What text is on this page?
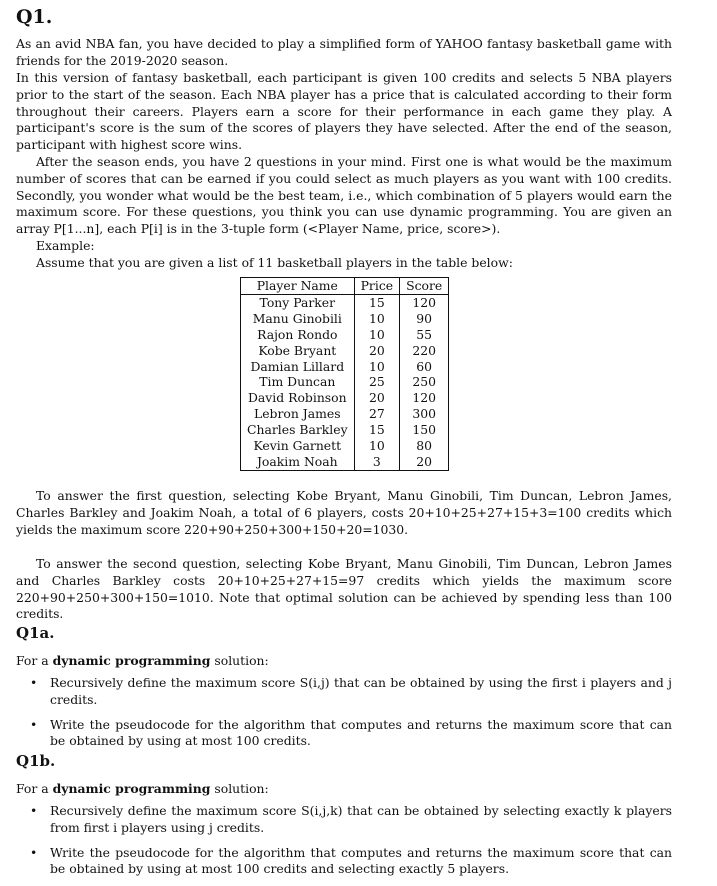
Q1.

As an avid NBA fan, you have decided to play a simplified form of YAHOO fantasy basketball game with friends for the 2019-2020 season.

In this version of fantasy basketball, each participant is given 100 credits and selects 5 NBA players prior to the start of the season. Each NBA player has a price that is calculated according to their form throughout their careers. Players earn a score for their performance in each game they play. A participant's score is the sum of the scores of players they have selected. After the end of the season, participant with highest score wins.

After the season ends, you have 2 questions in your mind. First one is what would be the maximum number of scores that can be earned if you could select as much players as you want with 100 credits. Secondly, you wonder what would be the best team, i.e., which combination of 5 players would earn the maximum score. For these questions, you think you can use dynamic programming. You are given an array P[1...n], each P[i] is in the 3-tuple form (<Player Name, price, score>).

Example:

Assume that you are given a list of 11 basketball players in the table below:

Player Name	Price	Score
Tony Parker	15	120
Manu Ginobili	10	90
Rajon Rondo	10	55
Kobe Bryant	20	220
Damian Lillard	10	60
Tim Duncan	25	250
David Robinson	20	120
Lebron James	27	300
Charles Barkley	15	150
Kevin Garnett	10	80
Joakim Noah	3	20

To answer the first question, selecting Kobe Bryant, Manu Ginobili, Tim Duncan, Lebron James, Charles Barkley and Joakim Noah, a total of 6 players, costs 20+10+25+27+15+3=100 credits which yields the maximum score 220+90+250+300+150+20=1030.

To answer the second question, selecting Kobe Bryant, Manu Ginobili, Tim Duncan, Lebron James and Charles Barkley costs 20+10+25+27+15=97 credits which yields the maximum score 220+90+250+300+150=1010. Note that optimal solution can be achieved by spending less than 100 credits.

Q1a.

For a dynamic programming solution:

• Recursively define the maximum score S(i,j) that can be obtained by using the first i players and j credits.
• Write the pseudocode for the algorithm that computes and returns the maximum score that can be obtained by using at most 100 credits.
Q1b.

For a dynamic programming solution:

• Recursively define the maximum score S(i,j,k) that can be obtained by selecting exactly k players from first i players using j credits.
• Write the pseudocode for the algorithm that computes and returns the maximum score that can be obtained by using at most 100 credits and selecting exactly 5 players.
